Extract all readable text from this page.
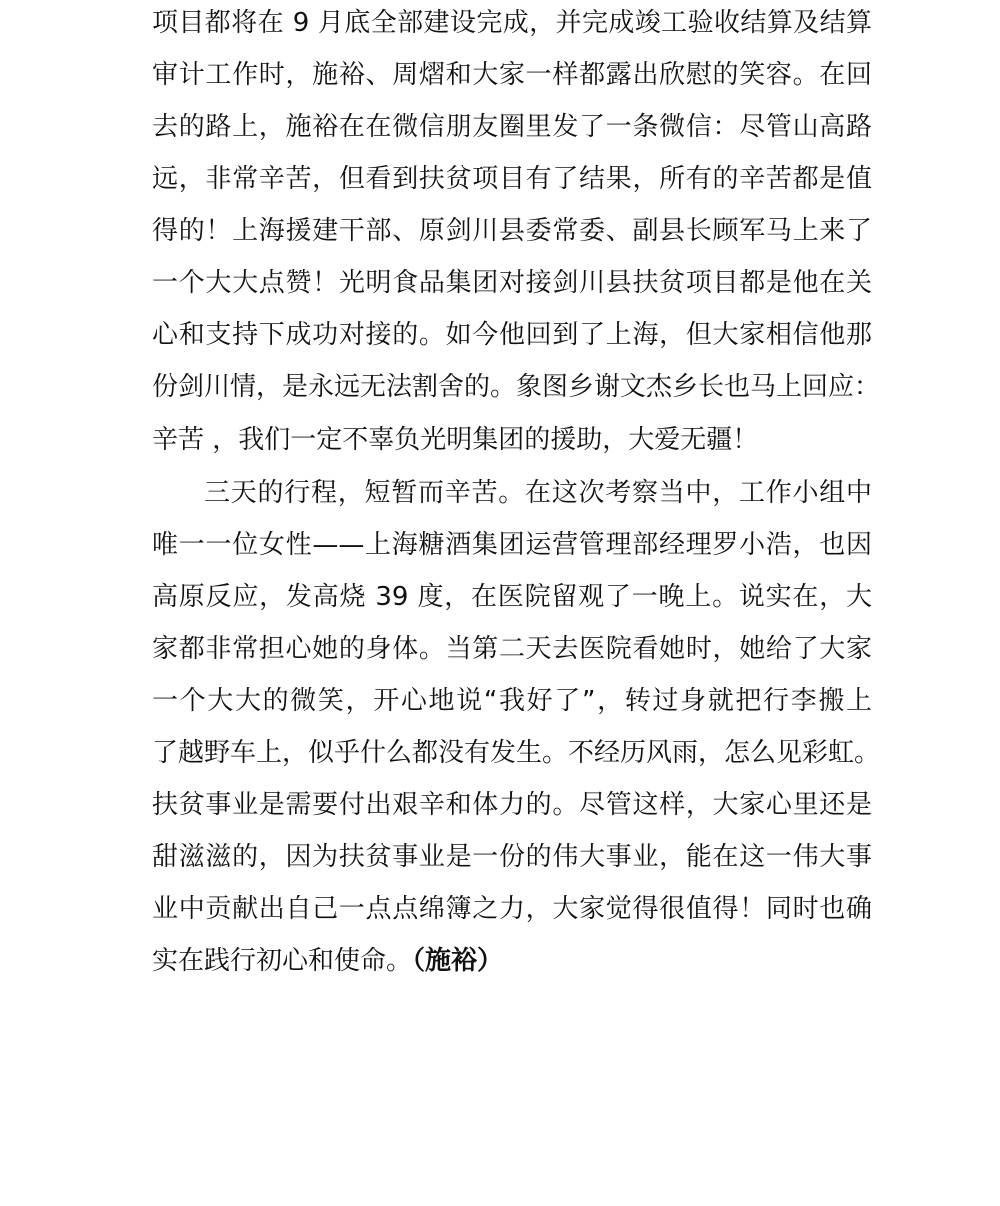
项目都将在 9 月底全部建设完成，并完成竣工验收结算及结算
审计工作时，施裕、周熠和大家一样都露出欣慰的笑容。在回
去的路上，施裕在在微信朋友圈里发了一条微信：尽管山高路
远，非常辛苦，但看到扶贫项目有了结果，所有的辛苦都是值
得的！上海援建干部、原剑川县委常委、副县长顾军马上来了
一个大大点赞！光明食品集团对接剑川县扶贫项目都是他在关
心和支持下成功对接的。如今他回到了上海，但大家相信他那
份剑川情，是永远无法割舍的。象图乡谢文杰乡长也马上回应：
辛苦 ，我们一定不辜负光明集团的援助，大爱无疆！
三天的行程，短暂而辛苦。在这次考察当中，工作小组中
唯一一位女性——上海糖酒集团运营管理部经理罗小浩，也因
高原反应，发高烧 39 度，在医院留观了一晚上。说实在，大
家都非常担心她的身体。当第二天去医院看她时，她给了大家
一个大大的微笑，开心地说“我好了”，转过身就把行李搬上
了越野车上，似乎什么都没有发生。不经历风雨，怎么见彩虹。
扶贫事业是需要付出艰辛和体力的。尽管这样，大家心里还是
甜滋滋的，因为扶贫事业是一份的伟大事业，能在这一伟大事
业中贡献出自己一点点绵簿之力，大家觉得很值得！同时也确
实在践行初心和使命。（施裕）
